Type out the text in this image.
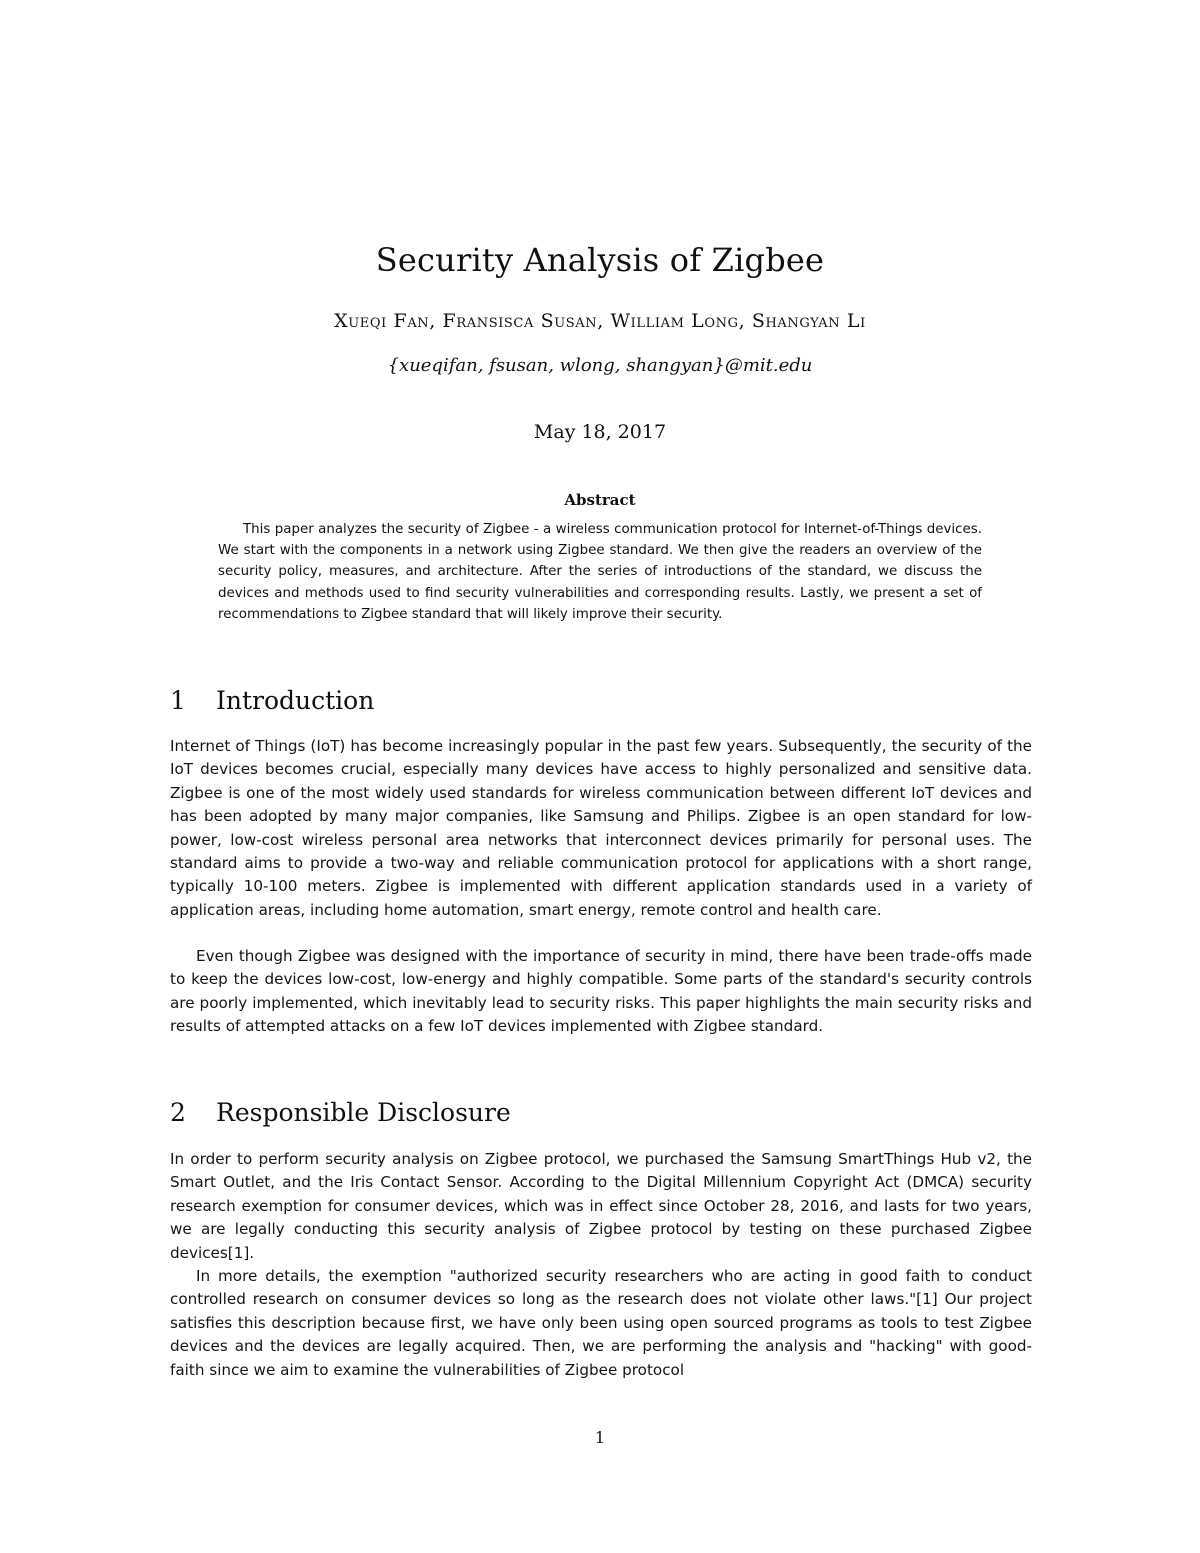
Security Analysis of Zigbee
Xueqi Fan, Fransisca Susan, William Long, Shangyan Li
{xueqifan, fsusan, wlong, shangyan}@mit.edu
May 18, 2017
Abstract

This paper analyzes the security of Zigbee - a wireless communication protocol for Internet-of-Things devices. We start with the components in a network using Zigbee standard. We then give the readers an overview of the security policy, measures, and architecture. After the series of introductions of the standard, we discuss the devices and methods used to find security vulnerabilities and corresponding results. Lastly, we present a set of recommendations to Zigbee standard that will likely improve their security.

1 Introduction

Internet of Things (IoT) has become increasingly popular in the past few years. Subsequently, the security of the IoT devices becomes crucial, especially many devices have access to highly personalized and sensitive data. Zigbee is one of the most widely used standards for wireless communication between different IoT devices and has been adopted by many major companies, like Samsung and Philips. Zigbee is an open standard for low-power, low-cost wireless personal area networks that interconnect devices primarily for personal uses. The standard aims to provide a two-way and reliable communication protocol for applications with a short range, typically 10-100 meters. Zigbee is implemented with different application standards used in a variety of application areas, including home automation, smart energy, remote control and health care.

Even though Zigbee was designed with the importance of security in mind, there have been trade-offs made to keep the devices low-cost, low-energy and highly compatible. Some parts of the standard's security controls are poorly implemented, which inevitably lead to security risks. This paper highlights the main security risks and results of attempted attacks on a few IoT devices implemented with Zigbee standard.

2 Responsible Disclosure

In order to perform security analysis on Zigbee protocol, we purchased the Samsung SmartThings Hub v2, the Smart Outlet, and the Iris Contact Sensor. According to the Digital Millennium Copyright Act (DMCA) security research exemption for consumer devices, which was in effect since October 28, 2016, and lasts for two years, we are legally conducting this security analysis of Zigbee protocol by testing on these purchased Zigbee devices[1].

In more details, the exemption "authorized security researchers who are acting in good faith to conduct controlled research on consumer devices so long as the research does not violate other laws."[1] Our project satisfies this description because first, we have only been using open sourced programs as tools to test Zigbee devices and the devices are legally acquired. Then, we are performing the analysis and "hacking" with good-faith since we aim to examine the vulnerabilities of Zigbee protocol

1
